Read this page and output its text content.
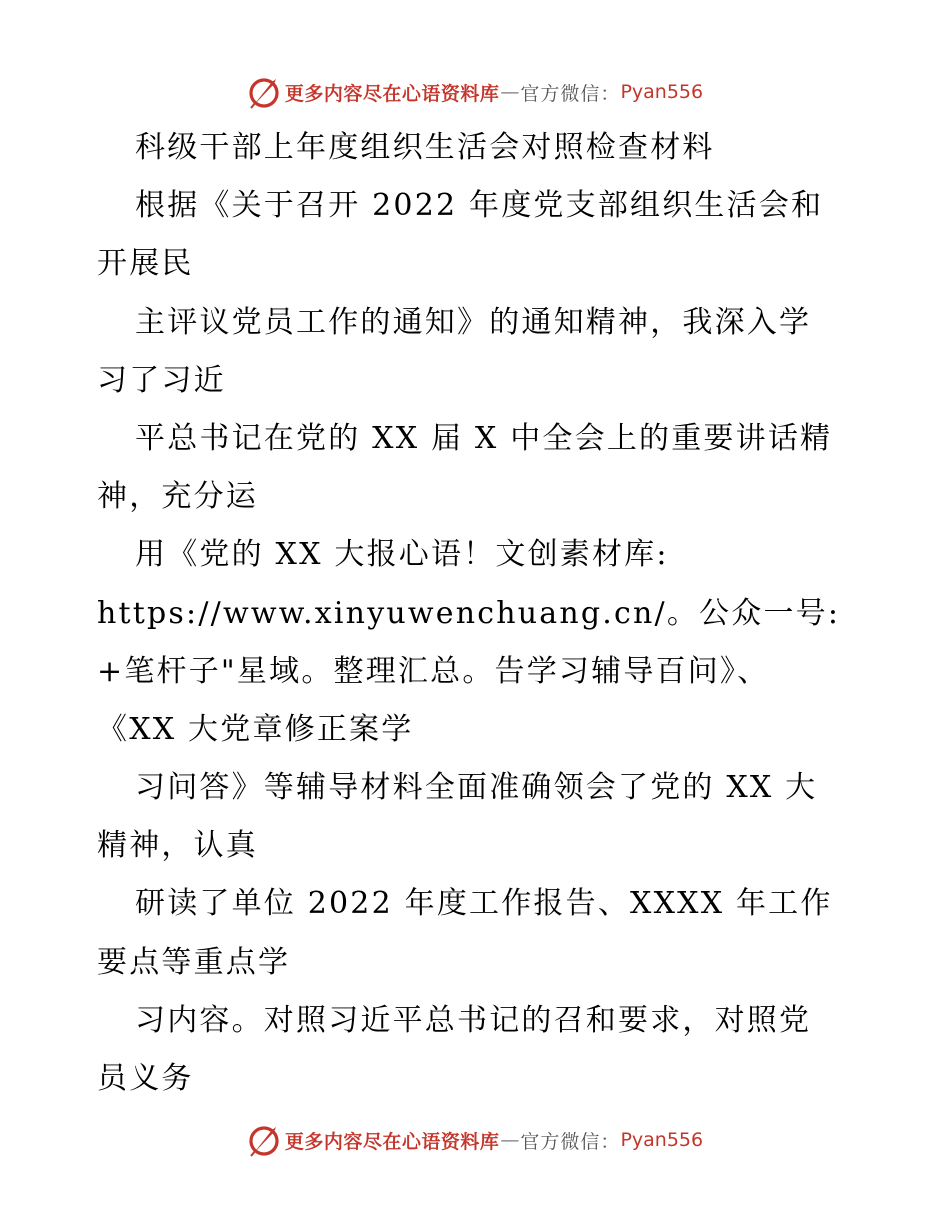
更多内容尽在心语资料库 — 官方微信： Pyan556
科级干部上年度组织生活会对照检查材料
根据《关于召开 2022 年度党支部组织生活会和
开展民
主评议党员工作的通知》的通知精神，我深入学
习了习近
平总书记在党的 XX 届 X 中全会上的重要讲话精
神，充分运
用《党的 XX 大报心语！文创素材库:
https://www.xinyuwenchuang.cn/。公众一号:
+笔杆子"星域。整理汇总。告学习辅导百问》、
《XX 大党章修正案学
习问答》等辅导材料全面准确领会了党的 XX 大
精神，认真
研读了单位 2022 年度工作报告、XXXX 年工作
要点等重点学
习内容。对照习近平总书记的召和要求，对照党
员义务
更多内容尽在心语资料库 — 官方微信： Pyan556
